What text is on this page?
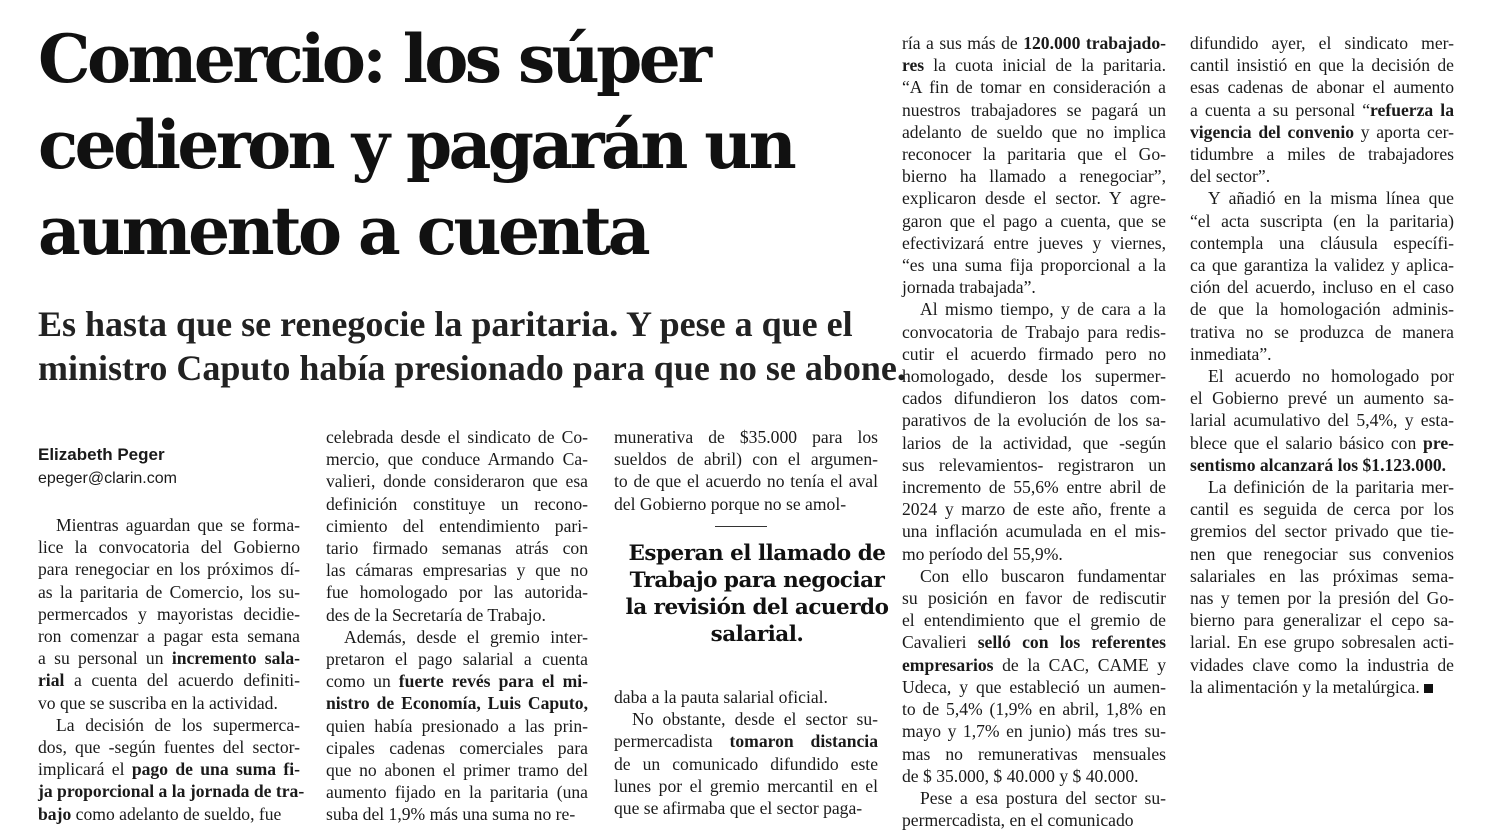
Comercio: los súper
cedieron y pagarán un
aumento a cuenta
Es hasta que se renegocie la paritaria. Y pese a que el
ministro Caputo había presionado para que no se abone.
Elizabeth Peger
epeger@clarin.com
Mientras aguardan que se forma-
lice la convocatoria del Gobierno
para renegociar en los próximos dí-
as la paritaria de Comercio, los su-
permercados y mayoristas decidie-
ron comenzar a pagar esta semana
a su personal un incremento sala-
rial a cuenta del acuerdo definiti-
vo que se suscriba en la actividad.
La decisión de los supermerca-
dos, que -según fuentes del sector-
implicará el pago de una suma fi-
ja proporcional a la jornada de tra-
bajo como adelanto de sueldo, fue
celebrada desde el sindicato de Co-
mercio, que conduce Armando Ca-
valieri, donde consideraron que esa
definición constituye un recono-
cimiento del entendimiento pari-
tario firmado semanas atrás con
las cámaras empresarias y que no
fue homologado por las autorida-
des de la Secretaría de Trabajo.
Además, desde el gremio inter-
pretaron el pago salarial a cuenta
como un fuerte revés para el mi-
nistro de Economía, Luis Caputo,
quien había presionado a las prin-
cipales cadenas comerciales para
que no abonen el primer tramo del
aumento fijado en la paritaria (una
suba del 1,9% más una suma no re-
munerativa de $35.000 para los
sueldos de abril) con el argumen-
to de que el acuerdo no tenía el aval
del Gobierno porque no se amol-
Esperan el llamado de
Trabajo para negociar
la revisión del acuerdo
salarial.
daba a la pauta salarial oficial.
No obstante, desde el sector su-
permercadista tomaron distancia
de un comunicado difundido este
lunes por el gremio mercantil en el
que se afirmaba que el sector paga-
ría a sus más de 120.000 trabajado-
res la cuota inicial de la paritaria.
“A fin de tomar en consideración a
nuestros trabajadores se pagará un
adelanto de sueldo que no implica
reconocer la paritaria que el Go-
bierno ha llamado a renegociar”,
explicaron desde el sector. Y agre-
garon que el pago a cuenta, que se
efectivizará entre jueves y viernes,
“es una suma fija proporcional a la
jornada trabajada”.
Al mismo tiempo, y de cara a la
convocatoria de Trabajo para redis-
cutir el acuerdo firmado pero no
homologado, desde los supermer-
cados difundieron los datos com-
parativos de la evolución de los sa-
larios de la actividad, que -según
sus relevamientos- registraron un
incremento de 55,6% entre abril de
2024 y marzo de este año, frente a
una inflación acumulada en el mis-
mo período del 55,9%.
Con ello buscaron fundamentar
su posición en favor de rediscutir
el entendimiento que el gremio de
Cavalieri selló con los referentes
empresarios de la CAC, CAME y
Udeca, y que estableció un aumen-
to de 5,4% (1,9% en abril, 1,8% en
mayo y 1,7% en junio) más tres su-
mas no remunerativas mensuales
de $ 35.000, $ 40.000 y $ 40.000.
Pese a esa postura del sector su-
permercadista, en el comunicado
difundido ayer, el sindicato mer-
cantil insistió en que la decisión de
esas cadenas de abonar el aumento
a cuenta a su personal “refuerza la
vigencia del convenio y aporta cer-
tidumbre a miles de trabajadores
del sector”.
Y añadió en la misma línea que
“el acta suscripta (en la paritaria)
contempla una cláusula específi-
ca que garantiza la validez y aplica-
ción del acuerdo, incluso en el caso
de que la homologación adminis-
trativa no se produzca de manera
inmediata”.
El acuerdo no homologado por
el Gobierno prevé un aumento sa-
larial acumulativo del 5,4%, y esta-
blece que el salario básico con pre-
sentismo alcanzará los $1.123.000.
La definición de la paritaria mer-
cantil es seguida de cerca por los
gremios del sector privado que tie-
nen que renegociar sus convenios
salariales en las próximas sema-
nas y temen por la presión del Go-
bierno para generalizar el cepo sa-
larial. En ese grupo sobresalen acti-
vidades clave como la industria de
la alimentación y la metalúrgica.
